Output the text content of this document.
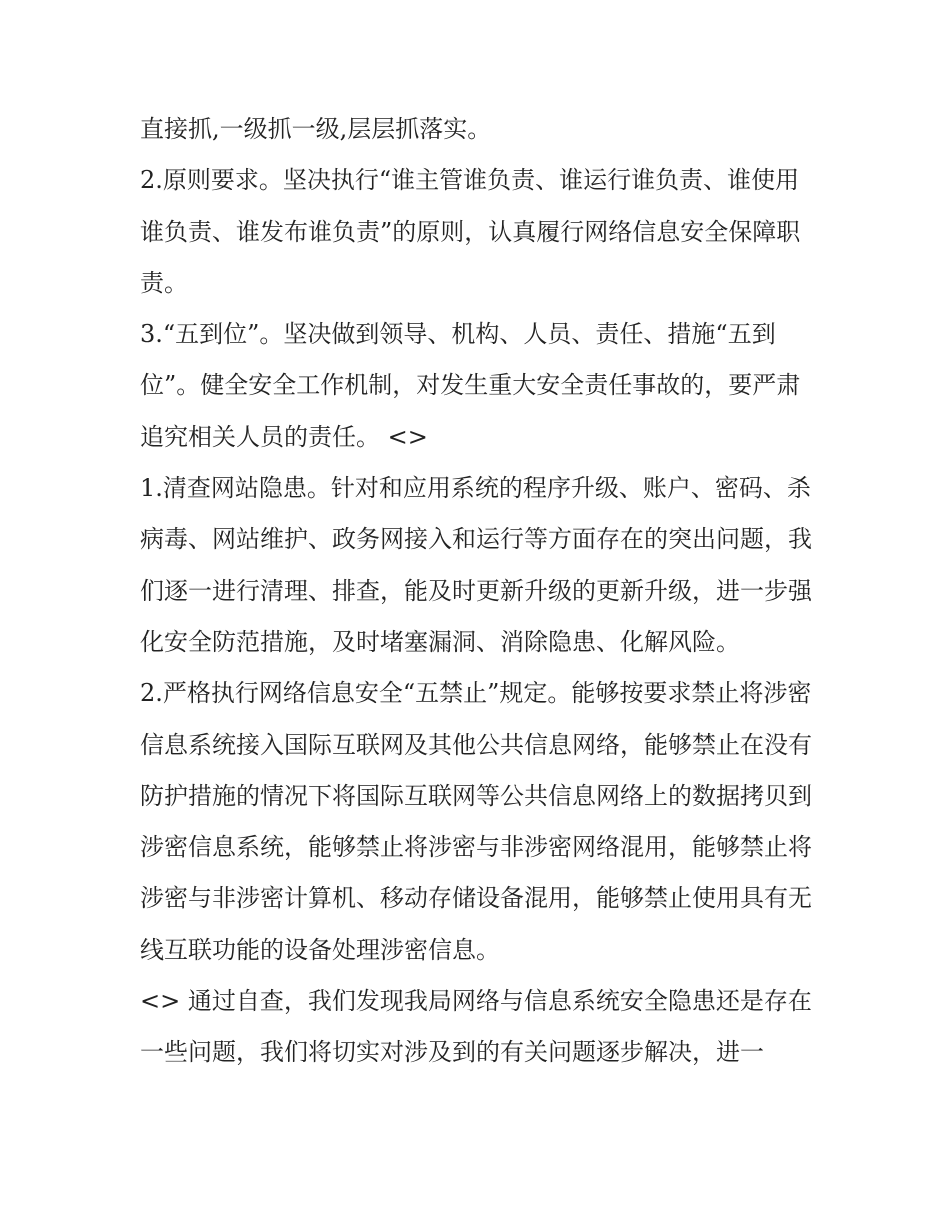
直接抓,一级抓一级,层层抓落实。

2.原则要求。坚决执行“谁主管谁负责、谁运行谁负责、谁使用谁负责、谁发布谁负责”的原则，认真履行网络信息安全保障职责。

3.“五到位”。坚决做到领导、机构、人员、责任、措施“五到位”。健全安全工作机制，对发生重大安全责任事故的，要严肃追究相关人员的责任。 <>

1.清查网站隐患。针对和应用系统的程序升级、账户、密码、杀病毒、网站维护、政务网接入和运行等方面存在的突出问题，我们逐一进行清理、排查，能及时更新升级的更新升级，进一步强化安全防范措施，及时堵塞漏洞、消除隐患、化解风险。

2.严格执行网络信息安全“五禁止”规定。能够按要求禁止将涉密信息系统接入国际互联网及其他公共信息网络，能够禁止在没有防护措施的情况下将国际互联网等公共信息网络上的数据拷贝到涉密信息系统，能够禁止将涉密与非涉密网络混用，能够禁止将涉密与非涉密计算机、移动存储设备混用，能够禁止使用具有无线互联功能的设备处理涉密信息。

<> 通过自查，我们发现我局网络与信息系统安全隐患还是存在一些问题，我们将切实对涉及到的有关问题逐步解决，进一
